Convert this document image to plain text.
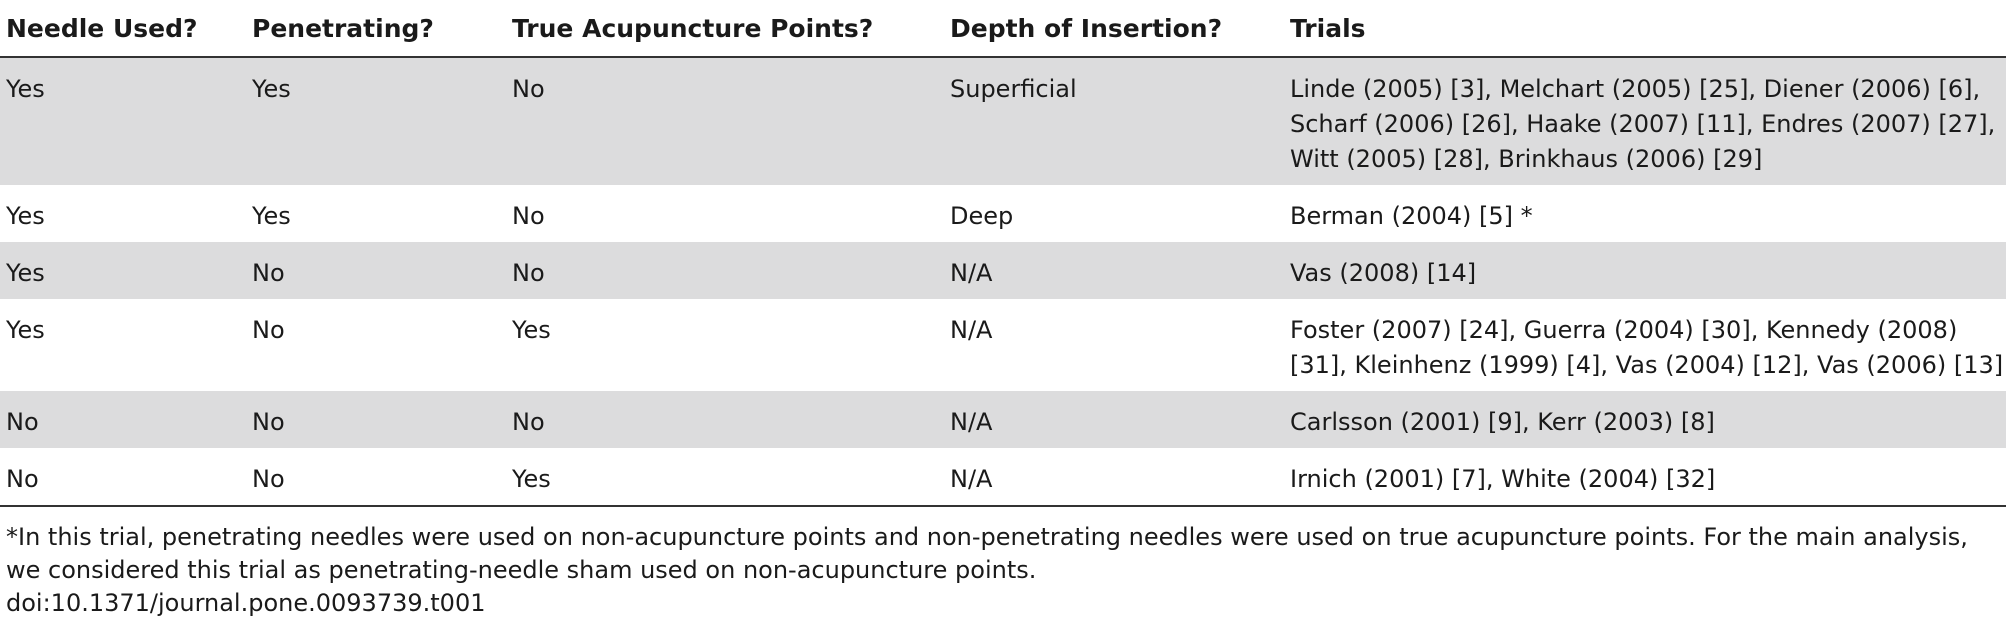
Needle Used?	Penetrating?	True Acupuncture Points?	Depth of Insertion?	Trials
Yes	Yes	No	Superficial	Linde (2005) [3], Melchart (2005) [25], Diener (2006) [6], Scharf (2006) [26], Haake (2007) [11], Endres (2007) [27], Witt (2005) [28], Brinkhaus (2006) [29]
Yes	Yes	No	Deep	Berman (2004) [5] *
Yes	No	No	N/A	Vas (2008) [14]
Yes	No	Yes	N/A	Foster (2007) [24], Guerra (2004) [30], Kennedy (2008) [31], Kleinhenz (1999) [4], Vas (2004) [12], Vas (2006) [13]
No	No	No	N/A	Carlsson (2001) [9], Kerr (2003) [8]
No	No	Yes	N/A	Irnich (2001) [7], White (2004) [32]
*In this trial, penetrating needles were used on non-acupuncture points and non-penetrating needles were used on true acupuncture points. For the main analysis, we considered this trial as penetrating-needle sham used on non-acupuncture points.
doi:10.1371/journal.pone.0093739.t001
